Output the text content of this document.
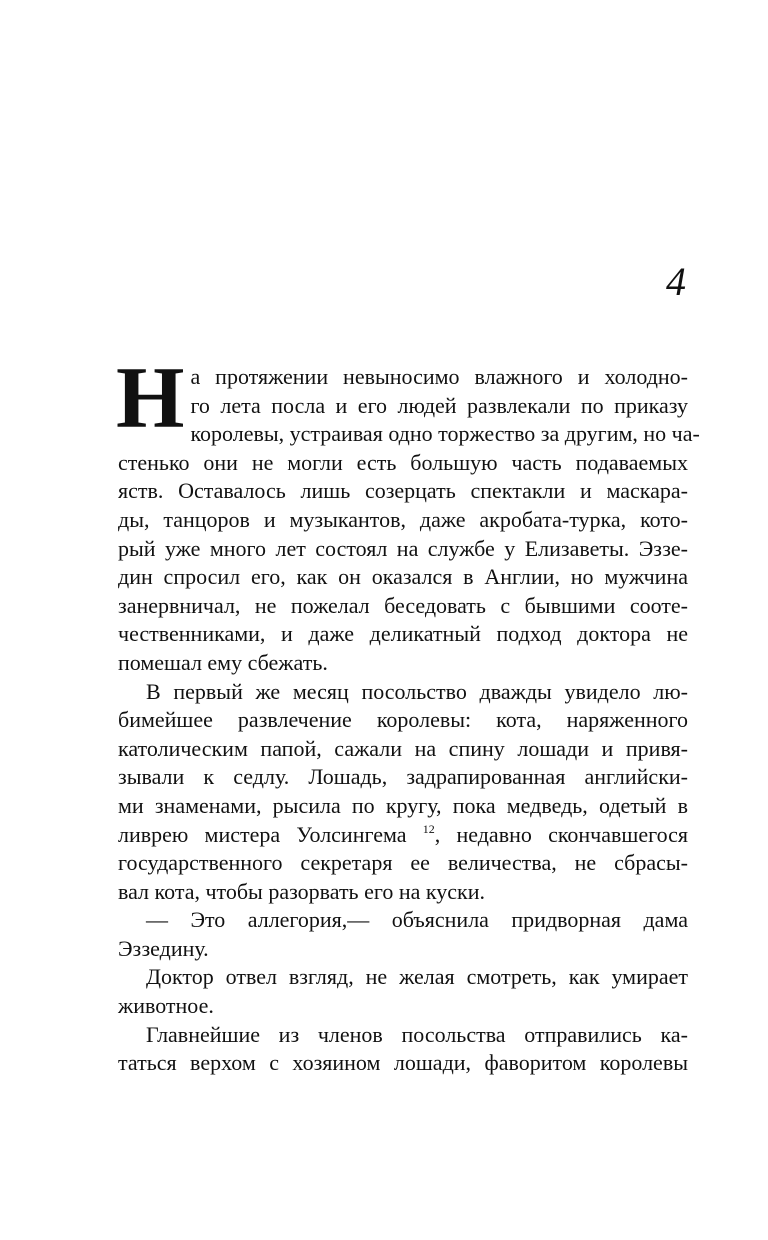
4
Н а протяжении невыносимо влажного и холодно-
го лета посла и его людей развлекали по приказу
королевы, устраивая одно торжество за другим, но ча-
стенько они не могли есть большую часть подаваемых
яств. Оставалось лишь созерцать спектакли и маскара-
ды, танцоров и музыкантов, даже акробата-турка, кото-
рый уже много лет состоял на службе у Елизаветы. Эззе-
дин спросил его, как он оказался в Англии, но мужчина
занервничал, не пожелал беседовать с бывшими сооте-
чественниками, и даже деликатный подход доктора не
помешал ему сбежать.
В первый же месяц посольство дважды увидело лю-
бимейшее развлечение королевы: кота, наряженного
католическим папой, сажали на спину лошади и привя-
зывали к седлу. Лошадь, задрапированная английски-
ми знаменами, рысила по кругу, пока медведь, одетый в
ливрею мистера Уолсингема $^{12}$, недавно скончавшегося
государственного секретаря ее величества, не сбрасы-
вал кота, чтобы разорвать его на куски.
— Это аллегория,— объяснила придворная дама
Эззедину.
Доктор отвел взгляд, не желая смотреть, как умирает
животное.
Главнейшие из членов посольства отправились ка-
таться верхом с хозяином лошади, фаворитом королевы
